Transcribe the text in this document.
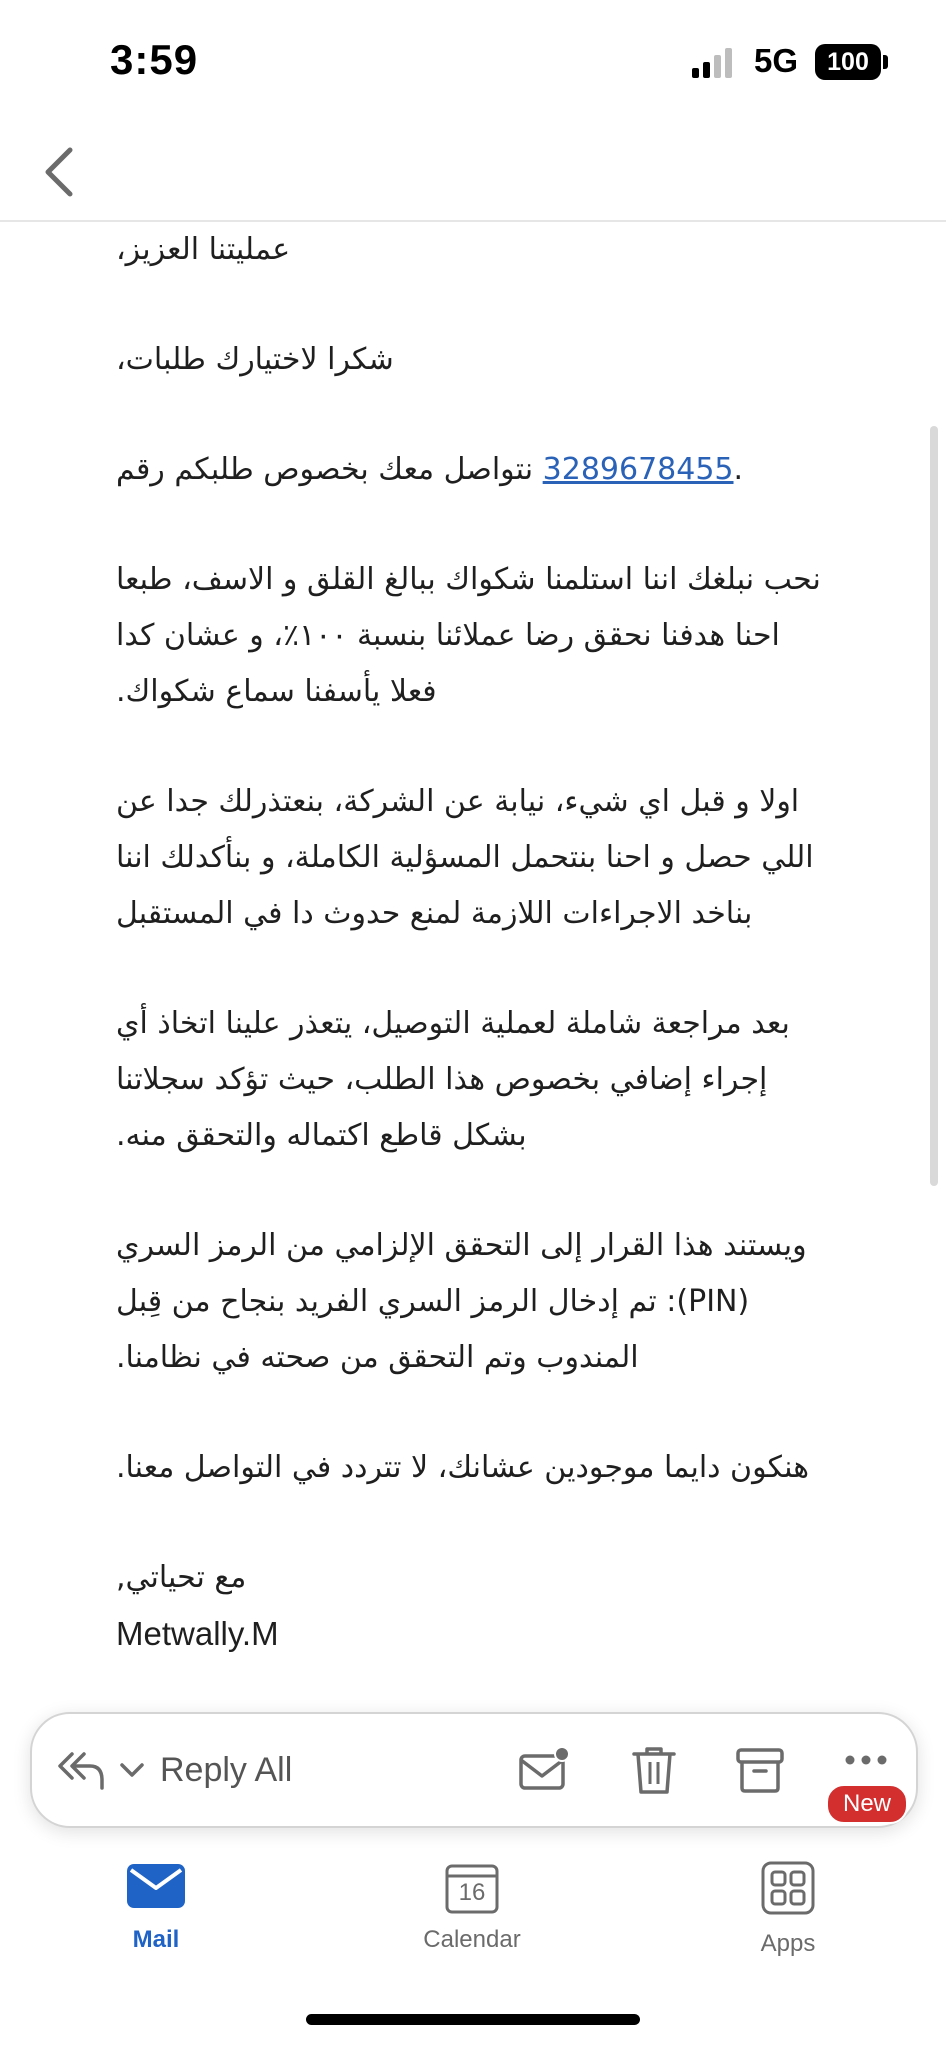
3:59	5G 100

عمليتنا العزيز،

شكرا لاختيارك طلبات،

نتواصل معك بخصوص طلبكم رقم 3289678455.

نحب نبلغك اننا استلمنا شكواك ببالغ القلق و الاسف، طبعا احنا هدفنا نحقق رضا عملائنا بنسبة ١٠٠٪، و عشان كدا فعلا يأسفنا سماع شكواك.

اولا و قبل اي شيء، نيابة عن الشركة، بنعتذرلك جدا عن اللي حصل و احنا بنتحمل المسؤلية الكاملة، و بنأكدلك اننا بناخد الاجراءات اللازمة لمنع حدوث دا في المستقبل

بعد مراجعة شاملة لعملية التوصيل، يتعذر علينا اتخاذ أي إجراء إضافي بخصوص هذا الطلب، حيث تؤكد سجلاتنا بشكل قاطع اكتماله والتحقق منه.

ويستند هذا القرار إلى التحقق الإلزامي من الرمز السري (PIN): تم إدخال الرمز السري الفريد بنجاح من قِبل المندوب وتم التحقق من صحته في نظامنا.

هنكون دايما موجودين عشانك، لا تتردد في التواصل معنا.

مع تحياتي,

Metwally.M

Reply All
New
Mail
16
Calendar	Apps
